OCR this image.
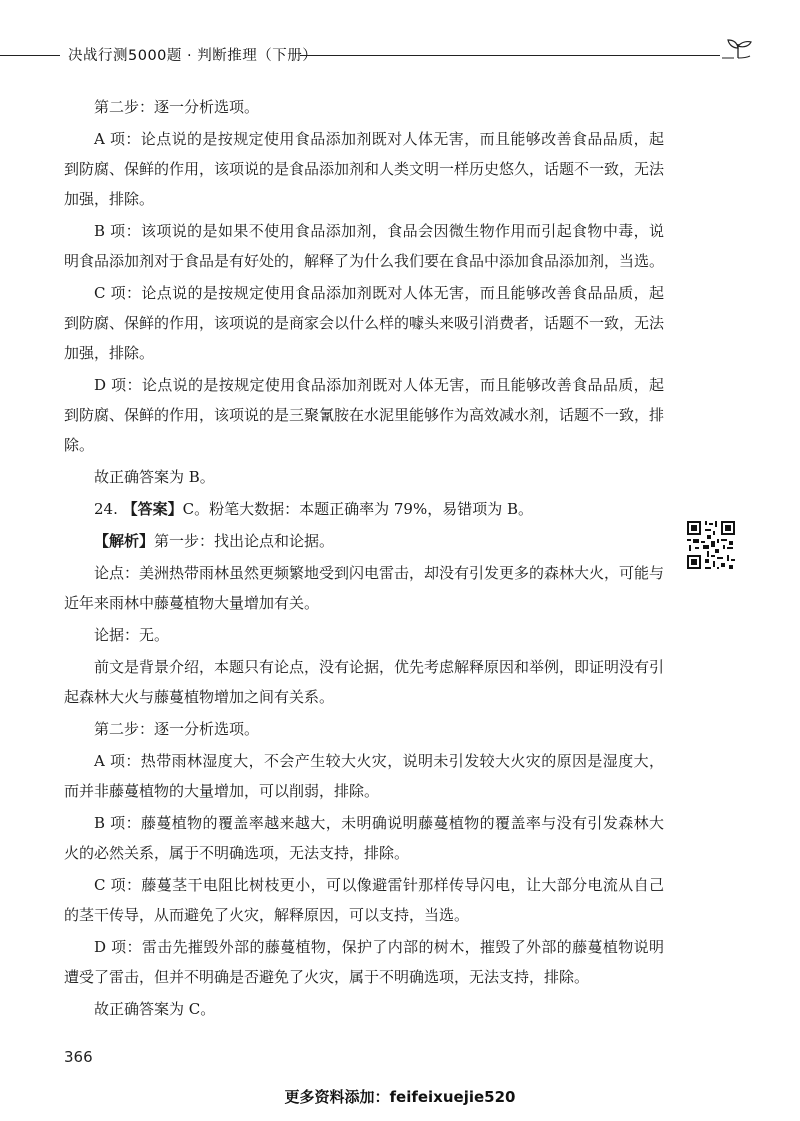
决战行测5000题 · 判断推理（下册）

第二步：逐一分析选项。

A 项：论点说的是按规定使用食品添加剂既对人体无害，而且能够改善食品品质，起到防腐、保鲜的作用，该项说的是食品添加剂和人类文明一样历史悠久，话题不一致，无法加强，排除。

B 项：该项说的是如果不使用食品添加剂，食品会因微生物作用而引起食物中毒，说明食品添加剂对于食品是有好处的，解释了为什么我们要在食品中添加食品添加剂，当选。

C 项：论点说的是按规定使用食品添加剂既对人体无害，而且能够改善食品品质，起到防腐、保鲜的作用，该项说的是商家会以什么样的噱头来吸引消费者，话题不一致，无法加强，排除。

D 项：论点说的是按规定使用食品添加剂既对人体无害，而且能够改善食品品质，起到防腐、保鲜的作用，该项说的是三聚氰胺在水泥里能够作为高效减水剂，话题不一致，排除。

故正确答案为 B。

24. 【答案】C。粉笔大数据：本题正确率为 79%，易错项为 B。

【解析】第一步：找出论点和论据。

论点：美洲热带雨林虽然更频繁地受到闪电雷击，却没有引发更多的森林大火，可能与近年来雨林中藤蔓植物大量增加有关。

论据：无。

前文是背景介绍，本题只有论点，没有论据，优先考虑解释原因和举例，即证明没有引起森林大火与藤蔓植物增加之间有关系。

第二步：逐一分析选项。

A 项：热带雨林湿度大，不会产生较大火灾，说明未引发较大火灾的原因是湿度大，而并非藤蔓植物的大量增加，可以削弱，排除。

B 项：藤蔓植物的覆盖率越来越大，未明确说明藤蔓植物的覆盖率与没有引发森林大火的必然关系，属于不明确选项，无法支持，排除。

C 项：藤蔓茎干电阻比树枝更小，可以像避雷针那样传导闪电，让大部分电流从自己的茎干传导，从而避免了火灾，解释原因，可以支持，当选。

D 项：雷击先摧毁外部的藤蔓植物，保护了内部的树木，摧毁了外部的藤蔓植物说明遭受了雷击，但并不明确是否避免了火灾，属于不明确选项，无法支持，排除。

故正确答案为 C。

366
更多资料添加：feifeixuejie520
